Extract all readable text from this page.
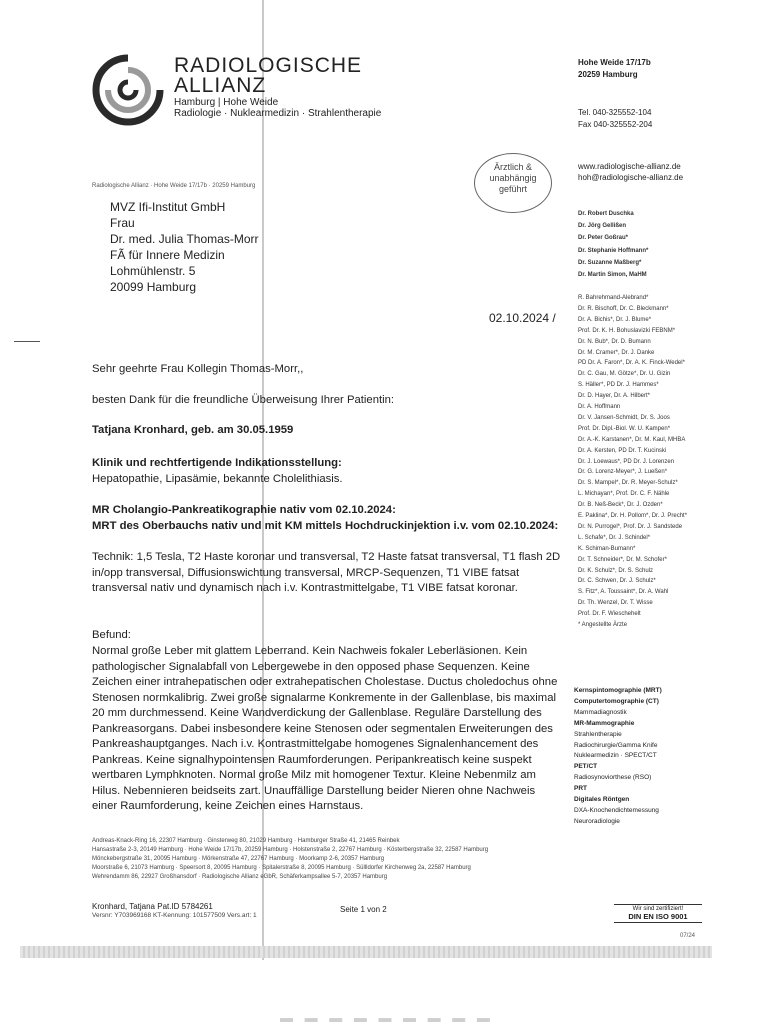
RADIOLOGISCHE
ALLIANZ
Hamburg | Hohe Weide
Radiologie · Nuklearmedizin · Strahlentherapie
Hohe Weide 17/17b
20259 Hamburg
Tel. 040-325552-104
Fax 040-325552-204
www.radiologische-allianz.de
hoh@radiologische-allianz.de
Radiologische Allianz · Hohe Weide 17/17b · 20259 Hamburg
Ärztlich &
unabhängig
geführt
MVZ Ifi-Institut GmbH
Frau
Dr. med. Julia Thomas-Morr
FÃ für Innere Medizin
Lohmühlenstr. 5
20099 Hamburg
02.10.2024 /
Dr. Robert Duschka
Dr. Jörg Gellißen
Dr. Peter Goßrau*
Dr. Stephanie Hoffmann*
Dr. Suzanne Maßberg*
Dr. Martin Simon, MaHM
R. Bahrehmand-Alebrand*
Dr. R. Bischoff, Dr. C. Bleckmann*
Dr. A. Bichis*, Dr. J. Blume*
Prof. Dr. K. H. Bohuslavizki FEBNM*
Dr. N. Bub*, Dr. D. Bumann
Dr. M. Cramer*, Dr. J. Danke
PD Dr. A. Faron*, Dr. A. K. Finck-Wedel*
Dr. C. Gau, M. Götze*, Dr. U. Gizin
S. Häller*, PD Dr. J. Hammes*
Dr. D. Hayer, Dr. A. Hilbert*
Dr. A. Hoffmann
Dr. V. Jansen-Schmidt, Dr. S. Joos
Prof. Dr. Dipl.-Biol. W. U. Kampen*
Dr. A.-K. Karstanen*, Dr. M. Kaul, MHBA
Dr. A. Kersten, PD Dr. T. Kucinski
Dr. J. Loewaus*, PD Dr. J. Lorenzen
Dr. G. Lorenz-Meyer*, J. Lueßen*
Dr. S. Mampel*, Dr. R. Meyer-Schulz*
L. Michayan*, Prof. Dr. C. F. Nähle
Dr. B. Neß-Beck*, Dr. J. Ozden*
E. Paklina*, Dr. H. Pollom*, Dr. J. Precht*
Dr. N. Purrogel*, Prof. Dr. J. Sandstede
L. Schafe*, Dr. J. Schindel*
K. Schiman-Bumann*
Dr. T. Schneider*, Dr. M. Schofer*
Dr. K. Schulz*, Dr. S. Schulz
Dr. C. Schwen, Dr. J. Schulz*
S. Fitz*, A. Toussaint*, Dr. A. Wahl
Dr. Th. Wenzel, Dr. T. Wisse
Prof. Dr. F. Wieschehelt
* Angestellte Ärzte
Kernspintomographie (MRT)
Computertomographie (CT)
Mammadiagnostik
MR-Mammographie
Strahlentherapie
Radiochirurgie/Gamma Knife
Nuklearmedizin · SPECT/CT
PET/CT
Radiosynoviorthese (RSO)
PRT
Digitales Röntgen
DXA-Knochendichtemessung
Neuroradiologie
Sehr geehrte Frau Kollegin Thomas-Morr,,
besten Dank für die freundliche Überweisung Ihrer Patientin:
Tatjana Kronhard, geb. am 30.05.1959
Klinik und rechtfertigende Indikationsstellung:
Hepatopathie, Lipasämie, bekannte Cholelithiasis.
MR Cholangio-Pankreatikographie nativ vom 02.10.2024:
MRT des Oberbauchs nativ und mit KM mittels Hochdruckinjektion i.v. vom 02.10.2024:
Technik: 1,5 Tesla, T2 Haste koronar und transversal, T2 Haste fatsat transversal, T1 flash 2D in/opp transversal, Diffusionswichtung transversal, MRCP-Sequenzen, T1 VIBE fatsat transversal nativ und dynamisch nach i.v. Kontrastmittelgabe, T1 VIBE fatsat koronar.
Befund:
Normal große Leber mit glattem Leberrand. Kein Nachweis fokaler Leberläsionen. Kein pathologischer Signalabfall von Lebergewebe in den opposed phase Sequenzen. Keine Zeichen einer intrahepatischen oder extrahepatischen Cholestase. Ductus choledochus ohne Stenosen normkalibrig. Zwei große signalarme Konkremente in der Gallenblase, bis maximal 20 mm durchmessend. Keine Wandverdickung der Gallenblase. Reguläre Darstellung des Pankreasorgans. Dabei insbesondere keine Stenosen oder segmentalen Erweiterungen des Pankreashauptganges. Nach i.v. Kontrastmittelgabe homogenes Signalenhancement des Pankreas. Keine signalhypointensen Raumforderungen. Peripankreatisch keine suspekt wertbaren Lymphknoten. Normal große Milz mit homogener Textur. Kleine Nebenmilz am Hilus. Nebennieren beidseits zart. Unauffällige Darstellung beider Nieren ohne Nachweis einer Raumforderung, keine Zeichen eines Harnstaus.
Andreas-Knack-Ring 16, 22307 Hamburg · Ginsterweg 80, 21029 Hamburg · Hamburger Straße 41, 21465 Reinbek
Hansastraße 2-3, 20149 Hamburg · Hohe Weide 17/17b, 20259 Hamburg · Holstenstraße 2, 22767 Hamburg · Kösterbergstraße 32, 22587 Hamburg
Mönckebergstraße 31, 20095 Hamburg · Mörkenstraße 47, 22767 Hamburg · Moorkamp 2-6, 20357 Hamburg
Moorstraße 6, 21073 Hamburg · Speersort 8, 20095 Hamburg · Spitalerstraße 8, 20095 Hamburg · Süllldorfer Kirchenweg 2a, 22587 Hamburg
Wehrendamm 86, 22927 Großhansdorf · Radiologische Allianz eGbR, Schäferkampsallee 5-7, 20357 Hamburg
Kronhard, Tatjana Pat.ID 5784261
Versnr: Y703969168 KT-Kennung: 101577509 Vers.art: 1
Seite 1 von 2	Wir sind zertifiziert!
DIN EN ISO 9001
07/24
▬ ▬ ▬ ▬ ▬ ▬ ▬ ▬ ▬
